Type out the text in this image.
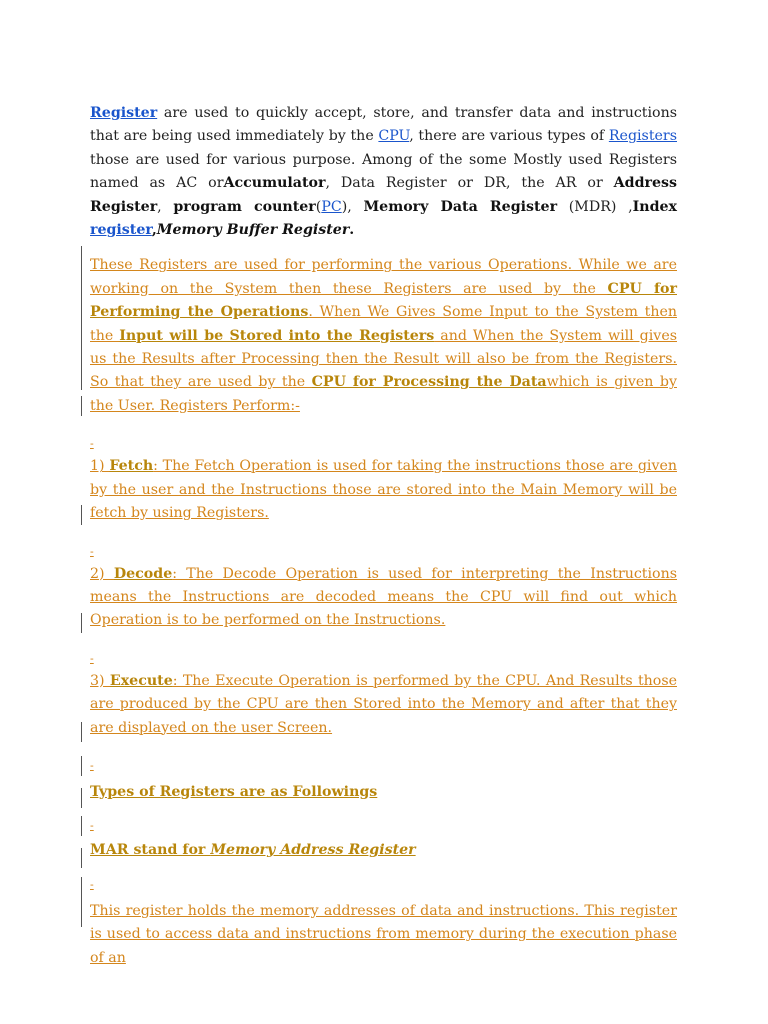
Register are used to quickly accept, store, and transfer data and instructions that are being used immediately by the CPU, there are various types of Registers those are used for various purpose. Among of the some Mostly used Registers named as AC orAccumulator, Data Register or DR, the AR or Address Register, program counter(PC), Memory Data Register (MDR) ,Index register,Memory Buffer Register.

These Registers are used for performing the various Operations. While we are working on the System then these Registers are used by the CPU for Performing the Operations. When We Gives Some Input to the System then the Input will be Stored into the Registers and When the System will gives us the Results after Processing then the Result will also be from the Registers. So that they are used by the CPU for Processing the Datawhich is given by the User. Registers Perform:-

-

1) Fetch: The Fetch Operation is used for taking the instructions those are given by the user and the Instructions those are stored into the Main Memory will be fetch by using Registers.

-

2) Decode: The Decode Operation is used for interpreting the Instructions means the Instructions are decoded means the CPU will find out which Operation is to be performed on the Instructions.

-

3) Execute: The Execute Operation is performed by the CPU. And Results those are produced by the CPU are then Stored into the Memory and after that they are displayed on the user Screen.

-

Types of Registers are as Followings

-

MAR stand for Memory Address Register

-

This register holds the memory addresses of data and instructions. This register is used to access data and instructions from memory during the execution phase of an
